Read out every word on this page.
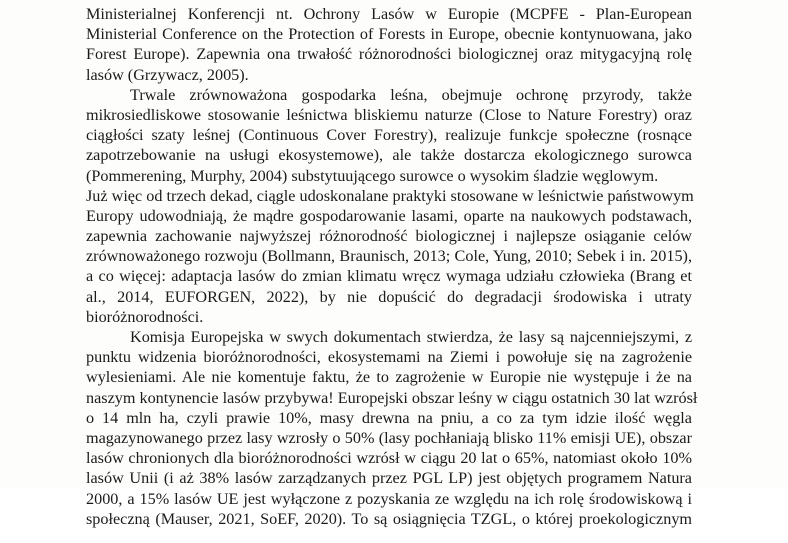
Ministerialnej Konferencji nt. Ochrony Lasów w Europie (MCPFE - Plan-European
Ministerial Conference on the Protection of Forests in Europe, obecnie kontynuowana, jako
Forest Europe). Zapewnia ona trwałość różnorodności biologicznej oraz mitygacyjną rolę
lasów (Grzywacz, 2005).
Trwale zrównoważona gospodarka leśna, obejmuje ochronę przyrody, także
mikrosiedliskowe stosowanie leśnictwa bliskiemu naturze (Close to Nature Forestry) oraz
ciągłości szaty leśnej (Continuous Cover Forestry), realizuje funkcje społeczne (rosnące
zapotrzebowanie na usługi ekosystemowe), ale także dostarcza ekologicznego surowca
(Pommerening, Murphy, 2004) substytuującego surowce o wysokim śladzie węglowym.
Już więc od trzech dekad, ciągle udoskonalane praktyki stosowane w leśnictwie państwowym
Europy udowodniają, że mądre gospodarowanie lasami, oparte na naukowych podstawach,
zapewnia zachowanie najwyższej różnorodność biologicznej i najlepsze osiąganie celów
zrównoważonego rozwoju (Bollmann, Braunisch, 2013; Cole, Yung, 2010; Sebek i in. 2015),
a co więcej: adaptacja lasów do zmian klimatu wręcz wymaga udziału człowieka (Brang et
al., 2014, EUFORGEN, 2022), by nie dopuścić do degradacji środowiska i utraty
bioróżnorodności.
Komisja Europejska w swych dokumentach stwierdza, że lasy są najcenniejszymi, z
punktu widzenia bioróżnorodności, ekosystemami na Ziemi i powołuje się na zagrożenie
wylesieniami. Ale nie komentuje faktu, że to zagrożenie w Europie nie występuje i że na
naszym kontynencie lasów przybywa! Europejski obszar leśny w ciągu ostatnich 30 lat wzrósł
o 14 mln ha, czyli prawie 10%, masy drewna na pniu, a co za tym idzie ilość węgla
magazynowanego przez lasy wzrosły o 50% (lasy pochłaniają blisko 11% emisji UE), obszar
lasów chronionych dla bioróżnorodności wzrósł w ciągu 20 lat o 65%, natomiast około 10%
lasów Unii (i aż 38% lasów zarządzanych przez PGL LP) jest objętych programem Natura
2000, a 15% lasów UE jest wyłączone z pozyskania ze względu na ich rolę środowiskową i
społeczną (Mauser, 2021, SoEF, 2020). To są osiągnięcia TZGL, o której proekologicznym
